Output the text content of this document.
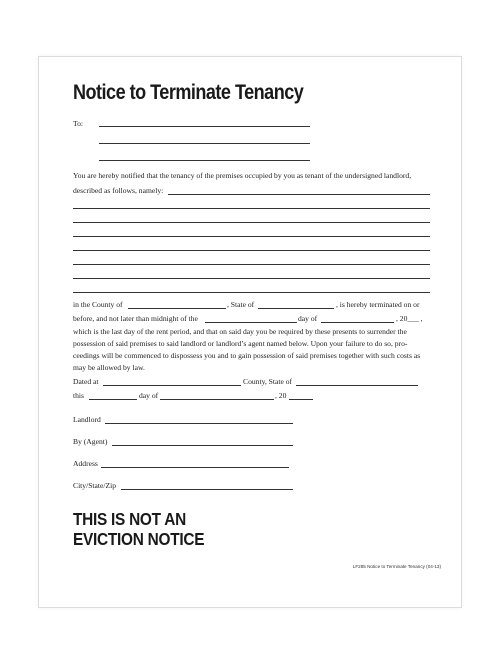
Notice to Terminate Tenancy
To:
You are hereby notified that the tenancy of the premises occupied by you as tenant of the undersigned landlord,
described as follows, namely:
in the County of	, State of	, is hereby terminated on or
before, and not later than midnight of the	day of	, 20___ ,
which is the last day of the rent period, and that on said day you be required by these presents to surrender the
possession of said premises to said landlord or landlord’s agent named below. Upon your failure to do so, pro-
ceedings will be commenced to dispossess you and to gain possession of said premises together with such costs as
may be allowed by law.
Dated at	County, State of
this	day of	, 20
Landlord
By (Agent)
Address
City/State/Zip
THIS IS NOT AN
EVICTION NOTICE
LF285 Notice to Terminate Tenancy (04-13)
